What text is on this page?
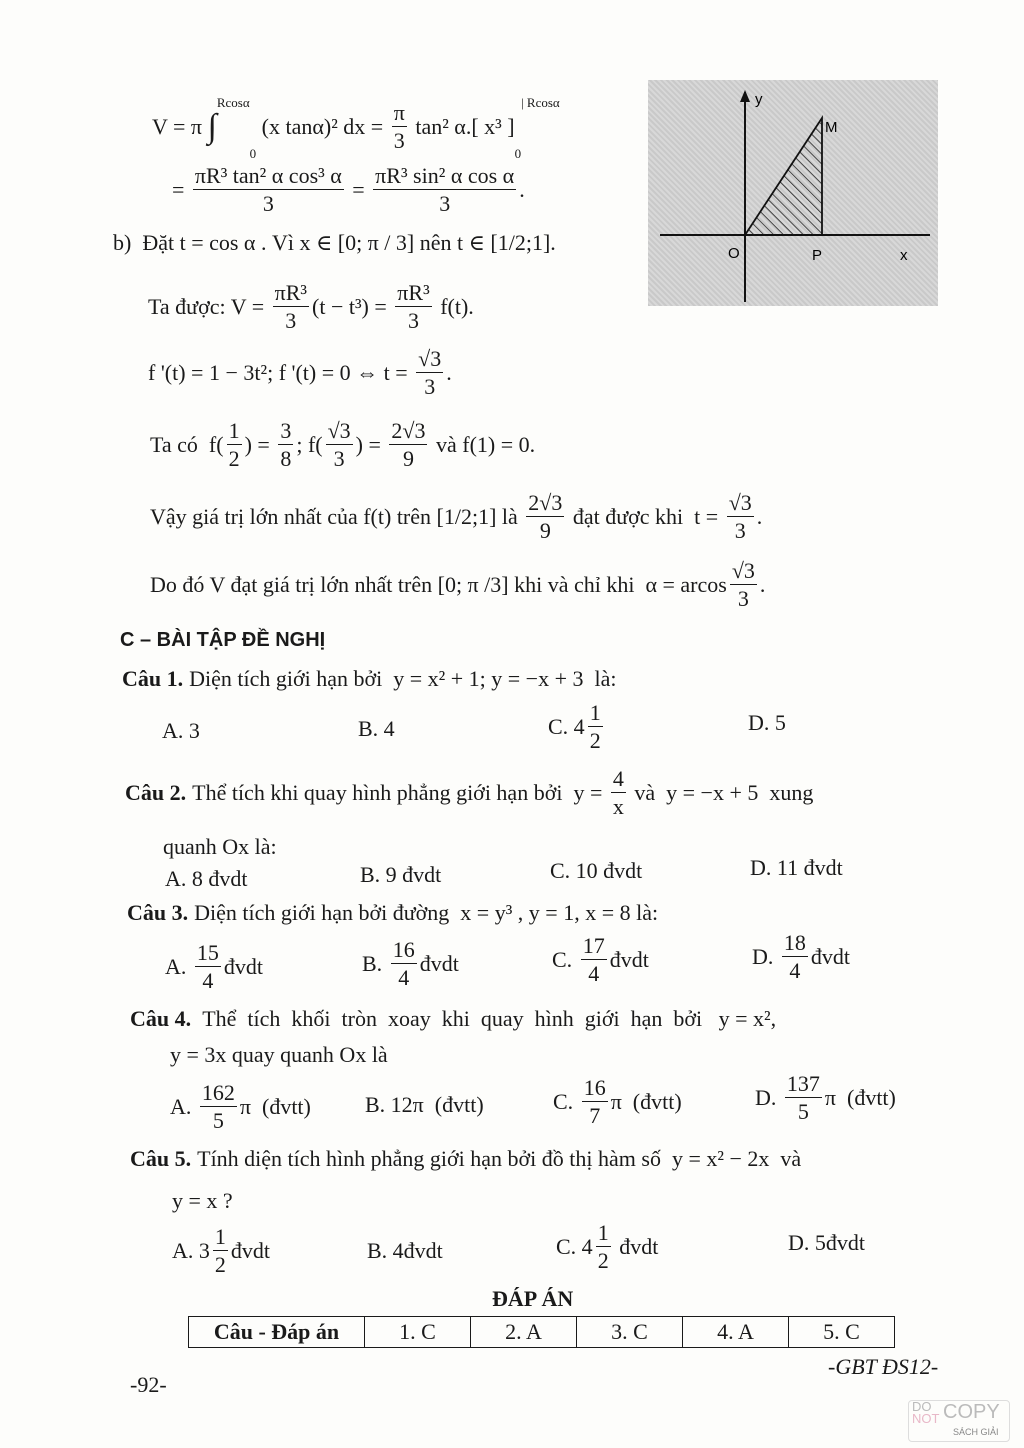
V = π ∫
Rcosα
0
(x tanα)² dx = $\frac{\pi}{3} \tan^2$ α.[ x³ ]
0
| Rcosα
= $\frac{\text{πR³ tan² α cos³ α}}{3} = \frac{\text{πR³ sin² α cos α}}{3}$ .
b)  Đặt t = cos α . Vì x ∈ [0; π / 3] nên t ∈ [1/2;1].
Ta được: $V = \frac{\text{πR³}}{3} (t - t^3) = \frac{\text{πR³}}{3} f(t)$.
f '(t) = 1 − 3t²; f '(t) = 0 ⇔ $t = \frac{√3}{3}$ .
Ta có  $f( \frac{1}{2}$ ) = $\frac{3}{8}$ ; $f( \frac{√3}{3}$ ) = $\frac{2√3}{9}$ và f(1) = 0.
Vậy giá trị lớn nhất của f(t) trên [1/2;1] là $\frac{2√3}{9}$ đạt được khi  $t = \frac{√3}{3}$ .
Do đó V đạt giá trị lớn nhất trên [0; π /3] khi và chỉ khi  α = arcos $\frac{√3}{3}$ .
C – BÀI TẬP ĐỀ NGHỊ
Câu 1. Diện tích giới hạn bởi  y = x² + 1; y = −x + 3  là:
A. 3	B. 4	C. $4 \frac{1}{2}$	D. 5
Câu 2. Thể tích khi quay hình phẳng giới hạn bởi  $y = \frac{4}{x}$ và  y = −x + 5  xung
quanh Ox là:
A. 8 đvdt	B. 9 đvdt	C. 10 đvdt	D. 11 đvdt
Câu 3. Diện tích giới hạn bởi đường  x = y³ , y = 1, x = 8 là:
A. $\frac{15}{4}$ đvdt	B. $\frac{16}{4}$ đvdt	C. $\frac{17}{4}$ đvdt	D. $\frac{18}{4}$ đvdt
Câu 4. Thể  tích  khối  tròn  xoay  khi  quay  hình  giới  hạn  bởi   y = x²,
y = 3x quay quanh Ox là
A. $\frac{162}{5}$ π  (đvtt) B. 12π  (đvtt)	C. $\frac{16}{7}$ π  (đvtt)	D. $\frac{137}{5}$ π  (đvtt)
Câu 5. Tính diện tích hình phẳng giới hạn bởi đồ thị hàm số  y = x² − 2x  và
y = x ?
A. $3 \frac{1}{2}$ đvdt	B. 4đvdt	C. $4 \frac{1}{2}$ đvdt	D. 5đvdt
ĐÁP ÁN
-92-
-GBT ĐS12-
y
x
O	P
M
Câu - Đáp án	1. C	2. A	3. C	4. A	5. C
DO
NOT COPY
SÁCH GIẢI
